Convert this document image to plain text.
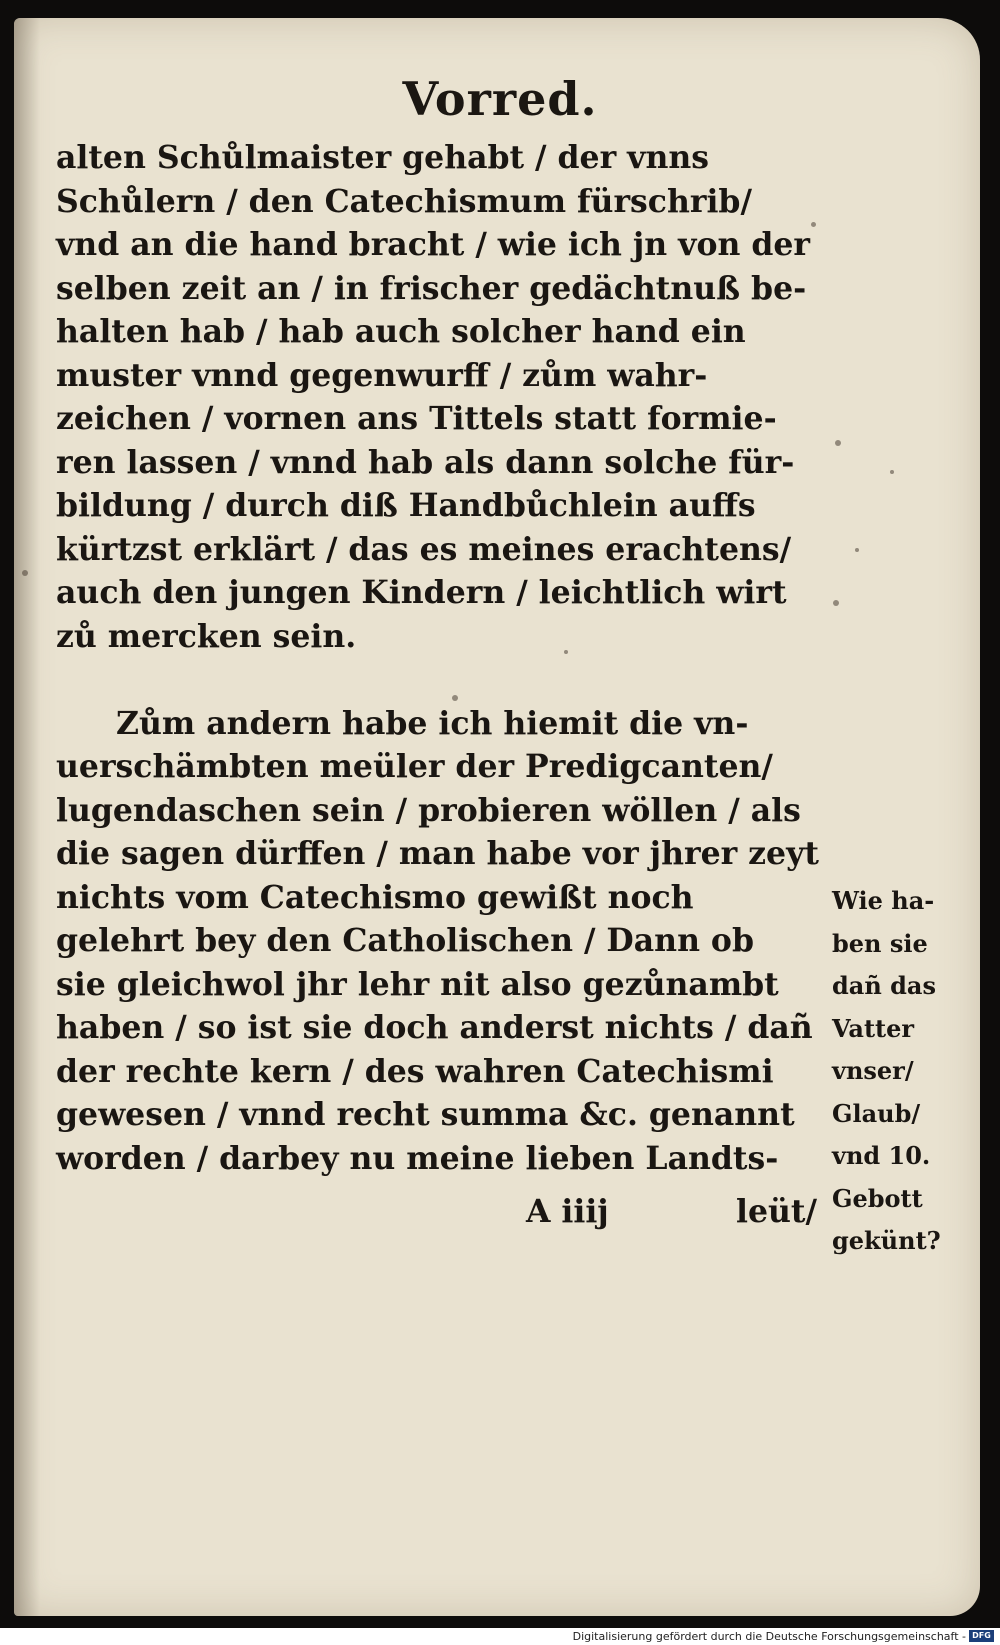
Vorred.

alten Schůlmaister gehabt / der vnns
Schůlern / den Catechismum fürschrib/
vnd an die hand bracht / wie ich jn von der
selben zeit an / in frischer gedächtnuß be-
halten hab / hab auch solcher hand ein
muster vnnd gegenwurff / zům wahr-
zeichen / vornen ans Tittels statt formie-
ren lassen / vnnd hab als dann solche für-
bildung / durch diß Handbůchlein auffs
kürtzst erklärt / das es meines erachtens/
auch den jungen Kindern / leichtlich wirt
zů mercken sein.

Zům andern habe ich hiemit die vn-
uerschämbten meüler der Predigcanten/
lugendaschen sein / probieren wöllen / als
die sagen dürffen / man habe vor jhrer zeyt
nichts vom Catechismo gewißt noch
gelehrt bey den Catholischen / Dann ob
sie gleichwol jhr lehr nit also gezůnambt
haben / so ist sie doch anderst nichts / dañ
der rechte kern / des wahren Catechismi
gewesen / vnnd recht summa &c. genannt
worden / darbey nu meine lieben Landts-

A iiij	leüt/
Wie ha-
ben sie
dañ das
Vatter
vnser/
Glaub/
vnd 10.
Gebott
gekünt?
Digitalisierung gefördert durch die Deutsche Forschungsgemeinschaft - DFG
